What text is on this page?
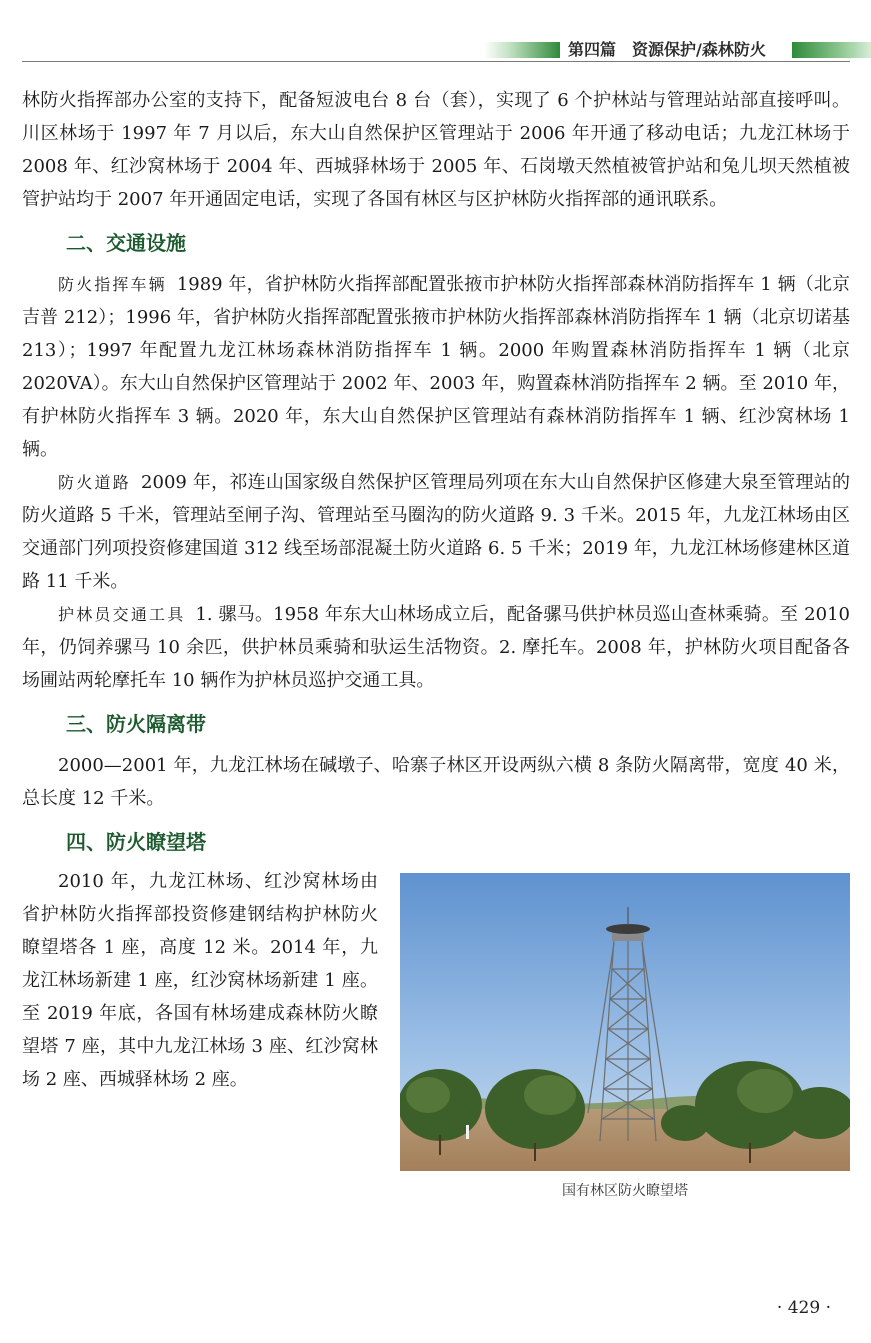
第四篇　资源保护/森林防火

林防火指挥部办公室的支持下，配备短波电台 8 台（套），实现了 6 个护林站与管理站站部直接呼叫。川区林场于 1997 年 7 月以后，东大山自然保护区管理站于 2006 年开通了移动电话；九龙江林场于 2008 年、红沙窝林场于 2004 年、西城驿林场于 2005 年、石岗墩天然植被管护站和兔儿坝天然植被管护站均于 2007 年开通固定电话，实现了各国有林区与区护林防火指挥部的通讯联系。

二、交通设施

防火指挥车辆 1989 年，省护林防火指挥部配置张掖市护林防火指挥部森林消防指挥车 1 辆（北京吉普 212）；1996 年，省护林防火指挥部配置张掖市护林防火指挥部森林消防指挥车 1 辆（北京切诺基 213）；1997 年配置九龙江林场森林消防指挥车 1 辆。2000 年购置森林消防指挥车 1 辆（北京 2020VA）。东大山自然保护区管理站于 2002 年、2003 年，购置森林消防指挥车 2 辆。至 2010 年，有护林防火指挥车 3 辆。2020 年，东大山自然保护区管理站有森林消防指挥车 1 辆、红沙窝林场 1 辆。

防火道路 2009 年，祁连山国家级自然保护区管理局列项在东大山自然保护区修建大泉至管理站的防火道路 5 千米，管理站至闸子沟、管理站至马圈沟的防火道路 9. 3 千米。2015 年，九龙江林场由区交通部门列项投资修建国道 312 线至场部混凝土防火道路 6. 5 千米；2019 年，九龙江林场修建林区道路 11 千米。

护林员交通工具 1. 骡马。1958 年东大山林场成立后，配备骡马供护林员巡山查林乘骑。至 2010 年，仍饲养骡马 10 余匹，供护林员乘骑和驮运生活物资。2. 摩托车。2008 年，护林防火项目配备各场圃站两轮摩托车 10 辆作为护林员巡护交通工具。

三、防火隔离带

2000—2001 年，九龙江林场在碱墩子、哈寨子林区开设两纵六横 8 条防火隔离带，宽度 40 米，总长度 12 千米。

四、防火瞭望塔

2010 年，九龙江林场、红沙窝林场由省护林防火指挥部投资修建钢结构护林防火瞭望塔各 1 座，高度 12 米。2014 年，九龙江林场新建 1 座，红沙窝林场新建 1 座。至 2019 年底，各国有林场建成森林防火瞭望塔 7 座，其中九龙江林场 3 座、红沙窝林场 2 座、西城驿林场 2 座。

国有林区防火瞭望塔
· 429 ·
